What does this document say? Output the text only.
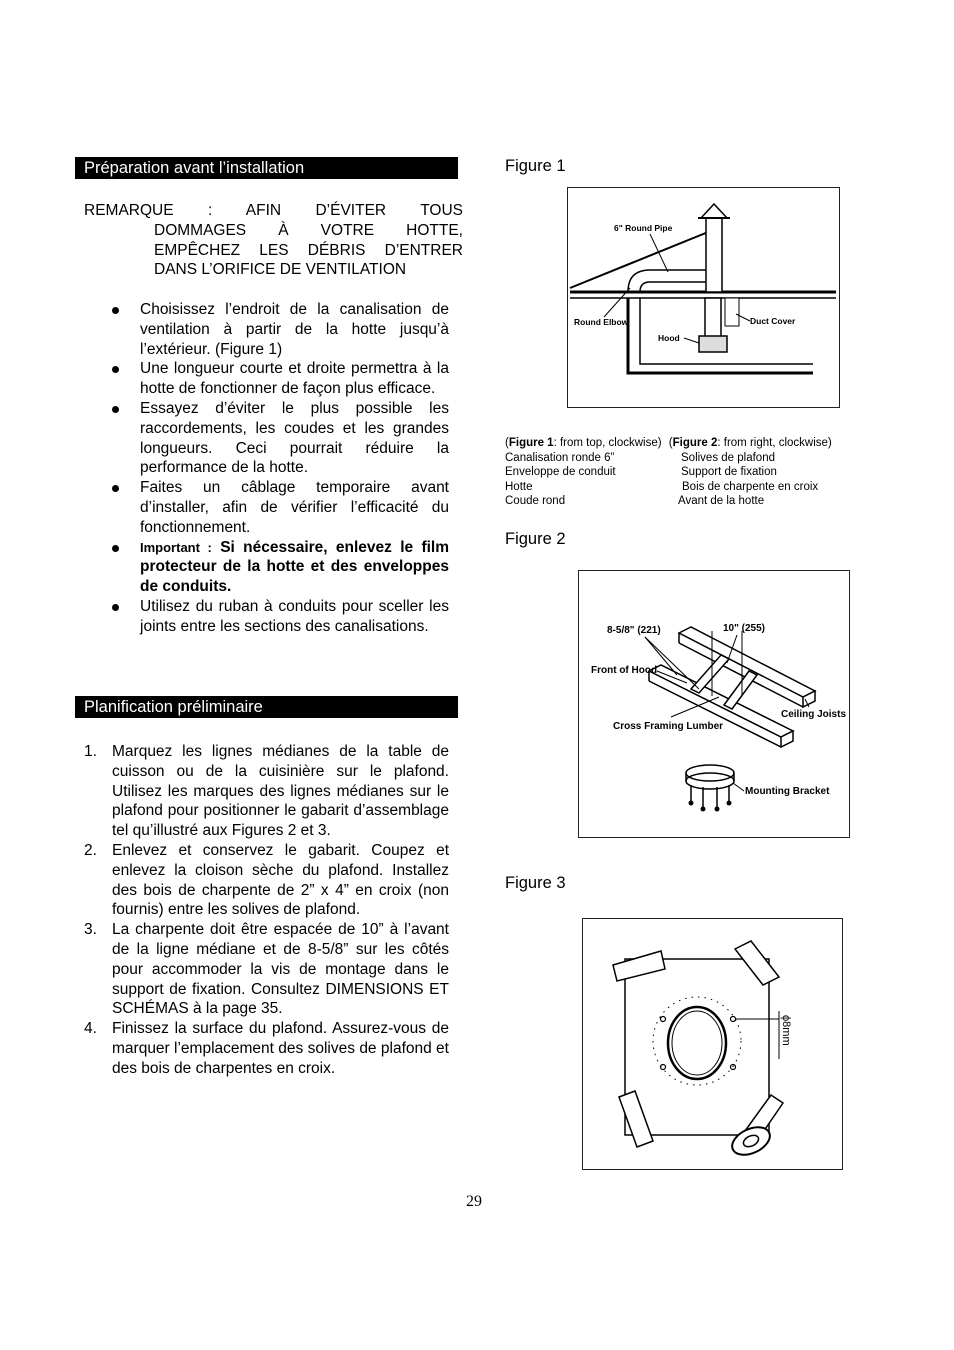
Préparation avant l’installation
REMARQUE : AFIN D’ÉVITER TOUS
DOMMAGES À VOTRE HOTTE,
EMPÊCHEZ LES DÉBRIS D’ENTRER
DANS L’ORIFICE DE VENTILATION
Choisissez l’endroit de la canalisation de ventilation à partir de la hotte jusqu’à l’extérieur. (Figure 1)
Une longueur courte et droite permettra à la hotte de fonctionner de façon plus efficace.
Essayez d’éviter le plus possible les raccordements, les coudes et les grandes longueurs. Ceci pourrait réduire la performance de la hotte.
Faites un câblage temporaire avant d’installer, afin de vérifier l’efficacité du fonctionnement.
Important : Si nécessaire, enlevez le film protecteur de la hotte et des enveloppes de conduits.
Utilisez du ruban à conduits pour sceller les joints entre les sections des canalisations.
Planification préliminaire
1. Marquez les lignes médianes de la table de cuisson ou de la cuisinière sur le plafond. Utilisez les marques des lignes médianes sur le plafond pour positionner le gabarit d’assemblage tel qu’illustré aux Figures 2 et 3.
2. Enlevez et conservez le gabarit. Coupez et enlevez la cloison sèche du plafond. Installez des bois de charpente de 2” x 4” en croix (non fournis) entre les solives de plafond.
3. La charpente doit être espacée de 10” à l’avant de la ligne médiane et de 8-5/8” sur les côtés pour accommoder la vis de montage dans le support de fixation. Consultez DIMENSIONS ET SCHÉMAS à la page 35.
4. Finissez la surface du plafond. Assurez-vous de marquer l’emplacement des solives de plafond et des bois de charpentes en croix.
Figure 1
6" Round Pipe
Round Elbow
Hood
Duct Cover
(Figure 1: from top, clockwise) (Figure 2: from right, clockwise)
Canalisation ronde 6”
Enveloppe de conduit
Hotte
Coude rond
Solives de plafond
Support de fixation
Bois de charpente en croix
Avant de la hotte
Figure 2
8-5/8" (221)	10" (255)
Front of Hood
Ceiling Joists
Cross Framing Lumber
Mounting Bracket
Figure 3
ϕ8mm
29
